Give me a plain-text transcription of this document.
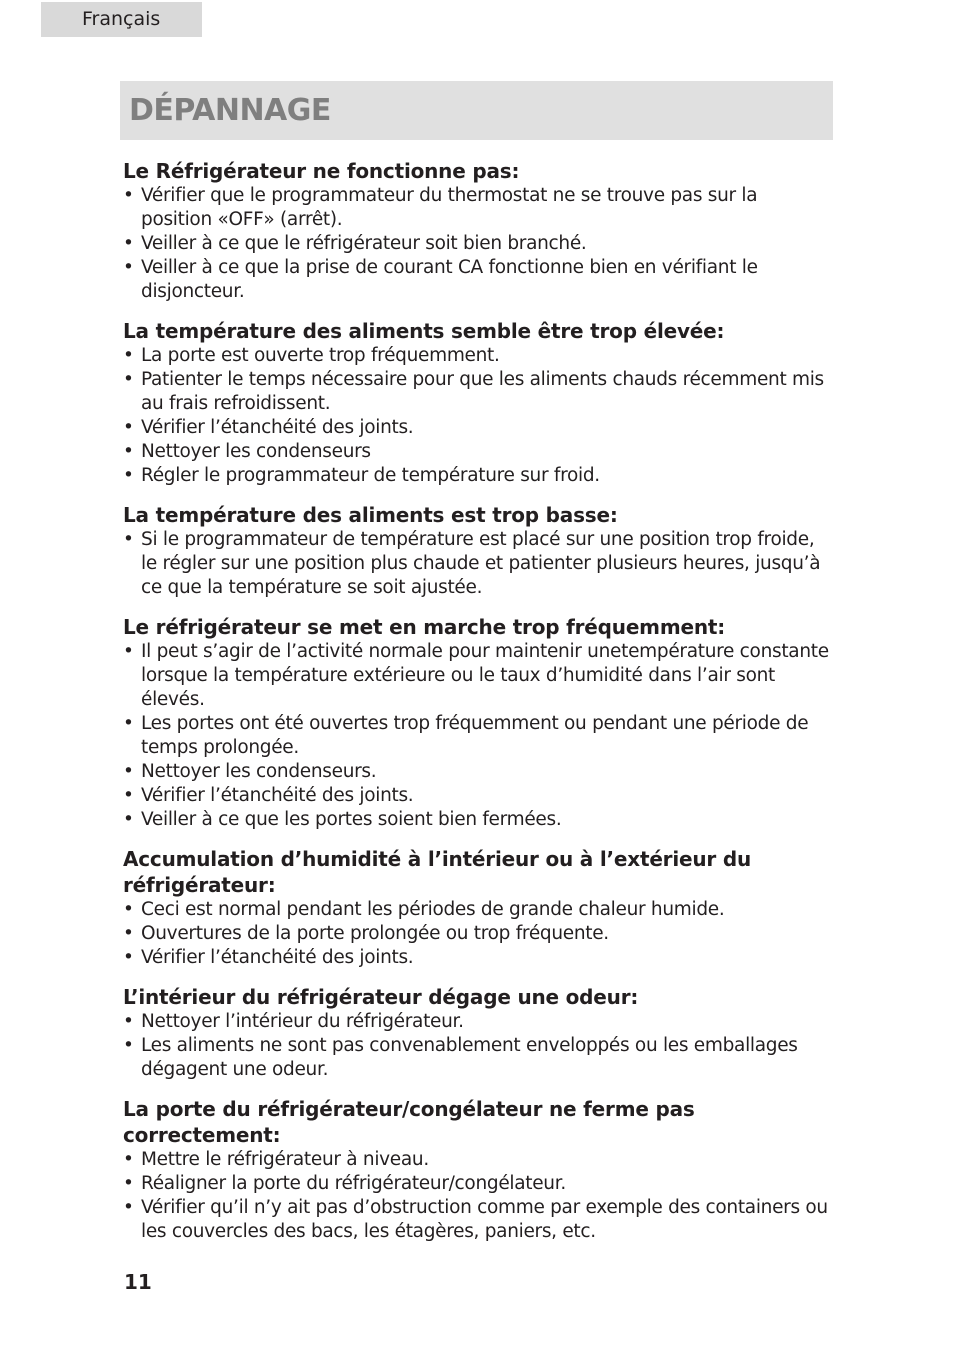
Français
DÉPANNAGE
Le Réfrigérateur ne fonctionne pas:
• Vérifier que le programmateur du thermostat ne se trouve pas sur la position «OFF» (arrêt).
• Veiller à ce que le réfrigérateur soit bien branché.
• Veiller à ce que la prise de courant CA fonctionne bien en vérifiant le disjoncteur.
La température des aliments semble être trop élevée:
• La porte est ouverte trop fréquemment.
• Patienter le temps nécessaire pour que les aliments chauds récemment mis au frais refroidissent.
• Vérifier l’étanchéité des joints.
• Nettoyer les condenseurs
• Régler le programmateur de température sur froid.
La température des aliments est trop basse:
• Si le programmateur de température est placé sur une position trop froide, le régler sur une position plus chaude et patienter plusieurs heures, jusqu’à ce que la température se soit ajustée.
Le réfrigérateur se met en marche trop fréquemment:
• Il peut s’agir de l’activité normale pour maintenir unetempérature constante lorsque la température extérieure ou le taux d’humidité dans l’air sont élevés.
• Les portes ont été ouvertes trop fréquemment ou pendant une période de temps prolongée.
• Nettoyer les condenseurs.
• Vérifier l’étanchéité des joints.
• Veiller à ce que les portes soient bien fermées.
Accumulation d’humidité à l’intérieur ou à l’extérieur du réfrigérateur:
• Ceci est normal pendant les périodes de grande chaleur humide.
• Ouvertures de la porte prolongée ou trop fréquente.
• Vérifier l’étanchéité des joints.
L’intérieur du réfrigérateur dégage une odeur:
• Nettoyer l’intérieur du réfrigérateur.
• Les aliments ne sont pas convenablement enveloppés ou les emballages dégagent une odeur.
La porte du réfrigérateur/congélateur ne ferme pas correctement:
• Mettre le réfrigérateur à niveau.
• Réaligner la porte du réfrigérateur/congélateur.
• Vérifier qu’il n’y ait pas d’obstruction comme par exemple des containers ou les couvercles des bacs, les étagères, paniers, etc.
11
